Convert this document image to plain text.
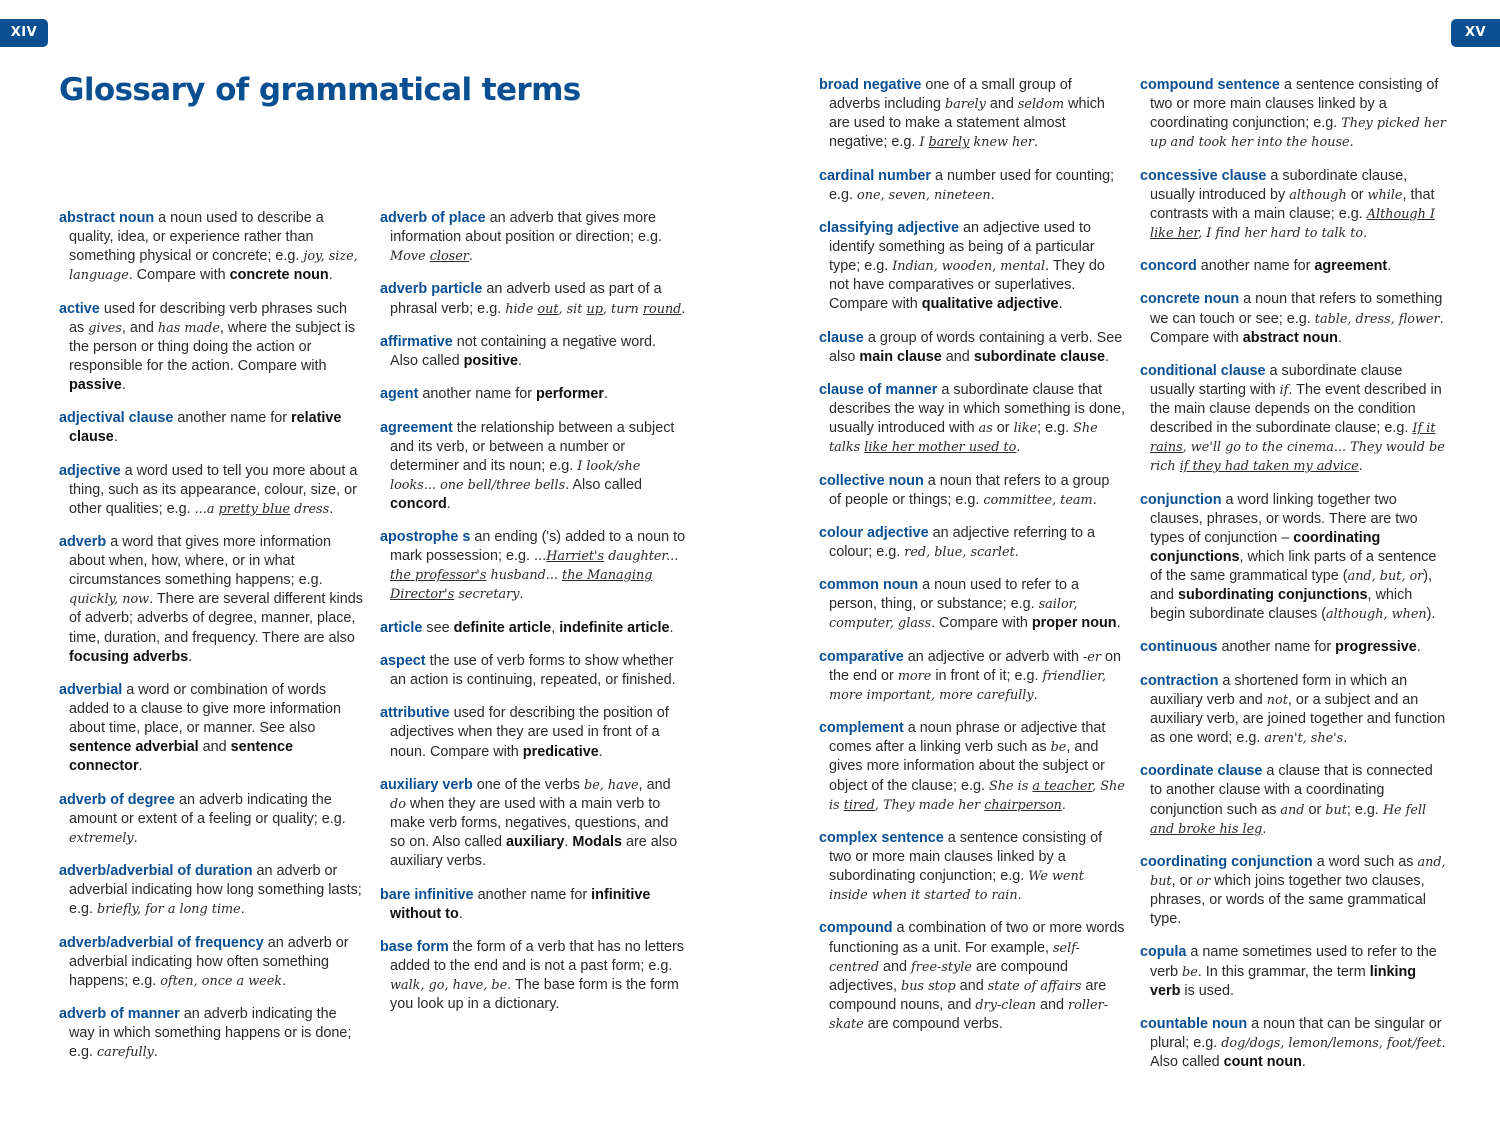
XIV	XV
Glossary of grammatical terms

abstract noun a noun used to describe a quality, idea, or experience rather than something physical or concrete; e.g. joy, size, language. Compare with concrete noun.

active used for describing verb phrases such as gives, and has made, where the subject is the person or thing doing the action or responsible for the action. Compare with passive.

adjectival clause another name for relative clause.

adjective a word used to tell you more about a thing, such as its appearance, colour, size, or other qualities; e.g. ...a pretty blue dress.

adverb a word that gives more information about when, how, where, or in what circumstances something happens; e.g. quickly, now. There are several different kinds of adverb; adverbs of degree, manner, place, time, duration, and frequency. There are also focusing adverbs.

adverbial a word or combination of words added to a clause to give more information about time, place, or manner. See also sentence adverbial and sentence connector.

adverb of degree an adverb indicating the amount or extent of a feeling or quality; e.g. extremely.

adverb/adverbial of duration an adverb or adverbial indicating how long something lasts; e.g. briefly, for a long time.

adverb/adverbial of frequency an adverb or adverbial indicating how often something happens; e.g. often, once a week.

adverb of manner an adverb indicating the way in which something happens or is done; e.g. carefully.

adverb of place an adverb that gives more information about position or direction; e.g. Move closer.

adverb particle an adverb used as part of a phrasal verb; e.g. hide out, sit up, turn round.

affirmative not containing a negative word. Also called positive.

agent another name for performer.

agreement the relationship between a subject and its verb, or between a number or determiner and its noun; e.g. I look/she looks... one bell/three bells. Also called concord.

apostrophe s an ending ('s) added to a noun to mark possession; e.g. ...Harriet's daughter... the professor's husband... the Managing Director's secretary.

article see definite article, indefinite article.

aspect the use of verb forms to show whether an action is continuing, repeated, or finished.

attributive used for describing the position of adjectives when they are used in front of a noun. Compare with predicative.

auxiliary verb one of the verbs be, have, and do when they are used with a main verb to make verb forms, negatives, questions, and so on. Also called auxiliary. Modals are also auxiliary verbs.

bare infinitive another name for infinitive without to.

base form the form of a verb that has no letters added to the end and is not a past form; e.g. walk, go, have, be. The base form is the form you look up in a dictionary.

broad negative one of a small group of adverbs including barely and seldom which are used to make a statement almost negative; e.g. I barely knew her.

cardinal number a number used for counting; e.g. one, seven, nineteen.

classifying adjective an adjective used to identify something as being of a particular type; e.g. Indian, wooden, mental. They do not have comparatives or superlatives. Compare with qualitative adjective.

clause a group of words containing a verb. See also main clause and subordinate clause.

clause of manner a subordinate clause that describes the way in which something is done, usually introduced with as or like; e.g. She talks like her mother used to.

collective noun a noun that refers to a group of people or things; e.g. committee, team.

colour adjective an adjective referring to a colour; e.g. red, blue, scarlet.

common noun a noun used to refer to a person, thing, or substance; e.g. sailor, computer, glass. Compare with proper noun.

comparative an adjective or adverb with -er on the end or more in front of it; e.g. friendlier, more important, more carefully.

complement a noun phrase or adjective that comes after a linking verb such as be, and gives more information about the subject or object of the clause; e.g. She is a teacher, She is tired, They made her chairperson.

complex sentence a sentence consisting of two or more main clauses linked by a subordinating conjunction; e.g. We went inside when it started to rain.

compound a combination of two or more words functioning as a unit. For example, self-centred and free-style are compound adjectives, bus stop and state of affairs are compound nouns, and dry-clean and roller-skate are compound verbs.

compound sentence a sentence consisting of two or more main clauses linked by a coordinating conjunction; e.g. They picked her up and took her into the house.

concessive clause a subordinate clause, usually introduced by although or while, that contrasts with a main clause; e.g. Although I like her, I find her hard to talk to.

concord another name for agreement.

concrete noun a noun that refers to something we can touch or see; e.g. table, dress, flower. Compare with abstract noun.

conditional clause a subordinate clause usually starting with if. The event described in the main clause depends on the condition described in the subordinate clause; e.g. If it rains, we'll go to the cinema... They would be rich if they had taken my advice.

conjunction a word linking together two clauses, phrases, or words. There are two types of conjunction – coordinating conjunctions, which link parts of a sentence of the same grammatical type (and, but, or), and subordinating conjunctions, which begin subordinate clauses (although, when).

continuous another name for progressive.

contraction a shortened form in which an auxiliary verb and not, or a subject and an auxiliary verb, are joined together and function as one word; e.g. aren't, she's.

coordinate clause a clause that is connected to another clause with a coordinating conjunction such as and or but; e.g. He fell and broke his leg.

coordinating conjunction a word such as and, but, or or which joins together two clauses, phrases, or words of the same grammatical type.

copula a name sometimes used to refer to the verb be. In this grammar, the term linking verb is used.

countable noun a noun that can be singular or plural; e.g. dog/dogs, lemon/lemons, foot/feet. Also called count noun.
